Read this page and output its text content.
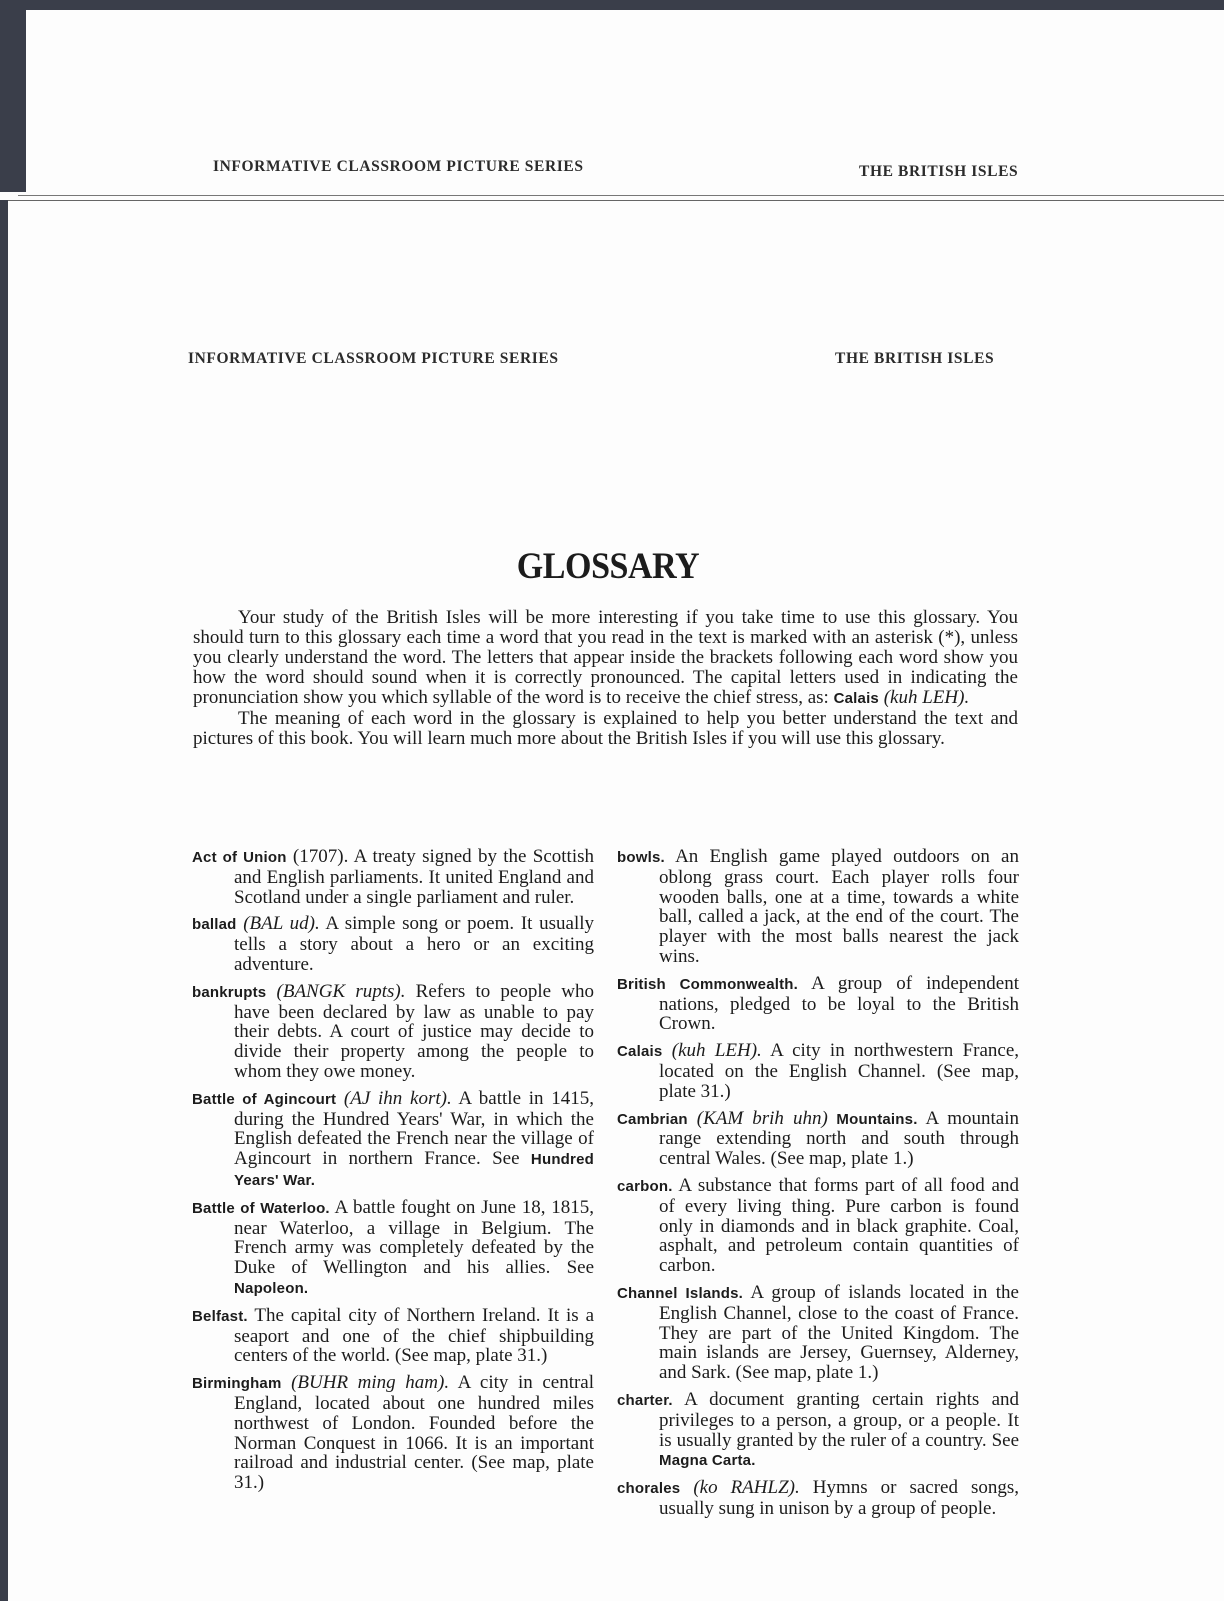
INFORMATIVE CLASSROOM PICTURE SERIES	THE BRITISH ISLES
INFORMATIVE CLASSROOM PICTURE SERIES	THE BRITISH ISLES
GLOSSARY

Your study of the British Isles will be more interesting if you take time to use this glossary. You should turn to this glossary each time a word that you read in the text is marked with an asterisk (*), unless you clearly understand the word. The letters that appear inside the brackets following each word show you how the word should sound when it is correctly pronounced. The capital letters used in indicating the pronunciation show you which syllable of the word is to receive the chief stress, as: Calais (kuh LEH).

The meaning of each word in the glossary is explained to help you better understand the text and pictures of this book. You will learn much more about the British Isles if you will use this glossary.

Act of Union (1707). A treaty signed by the Scottish and English parliaments. It united England and Scotland under a single parliament and ruler.

ballad (BAL ud). A simple song or poem. It usually tells a story about a hero or an exciting adventure.

bankrupts (BANGK rupts). Refers to people who have been declared by law as unable to pay their debts. A court of justice may decide to divide their property among the people to whom they owe money.

Battle of Agincourt (AJ ihn kort). A battle in 1415, during the Hundred Years' War, in which the English defeated the French near the village of Agincourt in northern France. See Hundred Years' War.

Battle of Waterloo. A battle fought on June 18, 1815, near Waterloo, a village in Belgium. The French army was completely defeated by the Duke of Wellington and his allies. See Napoleon.

Belfast. The capital city of Northern Ireland. It is a seaport and one of the chief shipbuilding centers of the world. (See map, plate 31.)

Birmingham (BUHR ming ham). A city in central England, located about one hundred miles northwest of London. Founded before the Norman Conquest in 1066. It is an important railroad and industrial center. (See map, plate 31.)

bowls. An English game played outdoors on an oblong grass court. Each player rolls four wooden balls, one at a time, towards a white ball, called a jack, at the end of the court. The player with the most balls nearest the jack wins.

British Commonwealth. A group of independent nations, pledged to be loyal to the British Crown.

Calais (kuh LEH). A city in northwestern France, located on the English Channel. (See map, plate 31.)

Cambrian (KAM brih uhn) Mountains. A mountain range extending north and south through central Wales. (See map, plate 1.)

carbon. A substance that forms part of all food and of every living thing. Pure carbon is found only in diamonds and in black graphite. Coal, asphalt, and petroleum contain quantities of carbon.

Channel Islands. A group of islands located in the English Channel, close to the coast of France. They are part of the United Kingdom. The main islands are Jersey, Guernsey, Alderney, and Sark. (See map, plate 1.)

charter. A document granting certain rights and privileges to a person, a group, or a people. It is usually granted by the ruler of a country. See Magna Carta.

chorales (ko RAHLZ). Hymns or sacred songs, usually sung in unison by a group of people.
